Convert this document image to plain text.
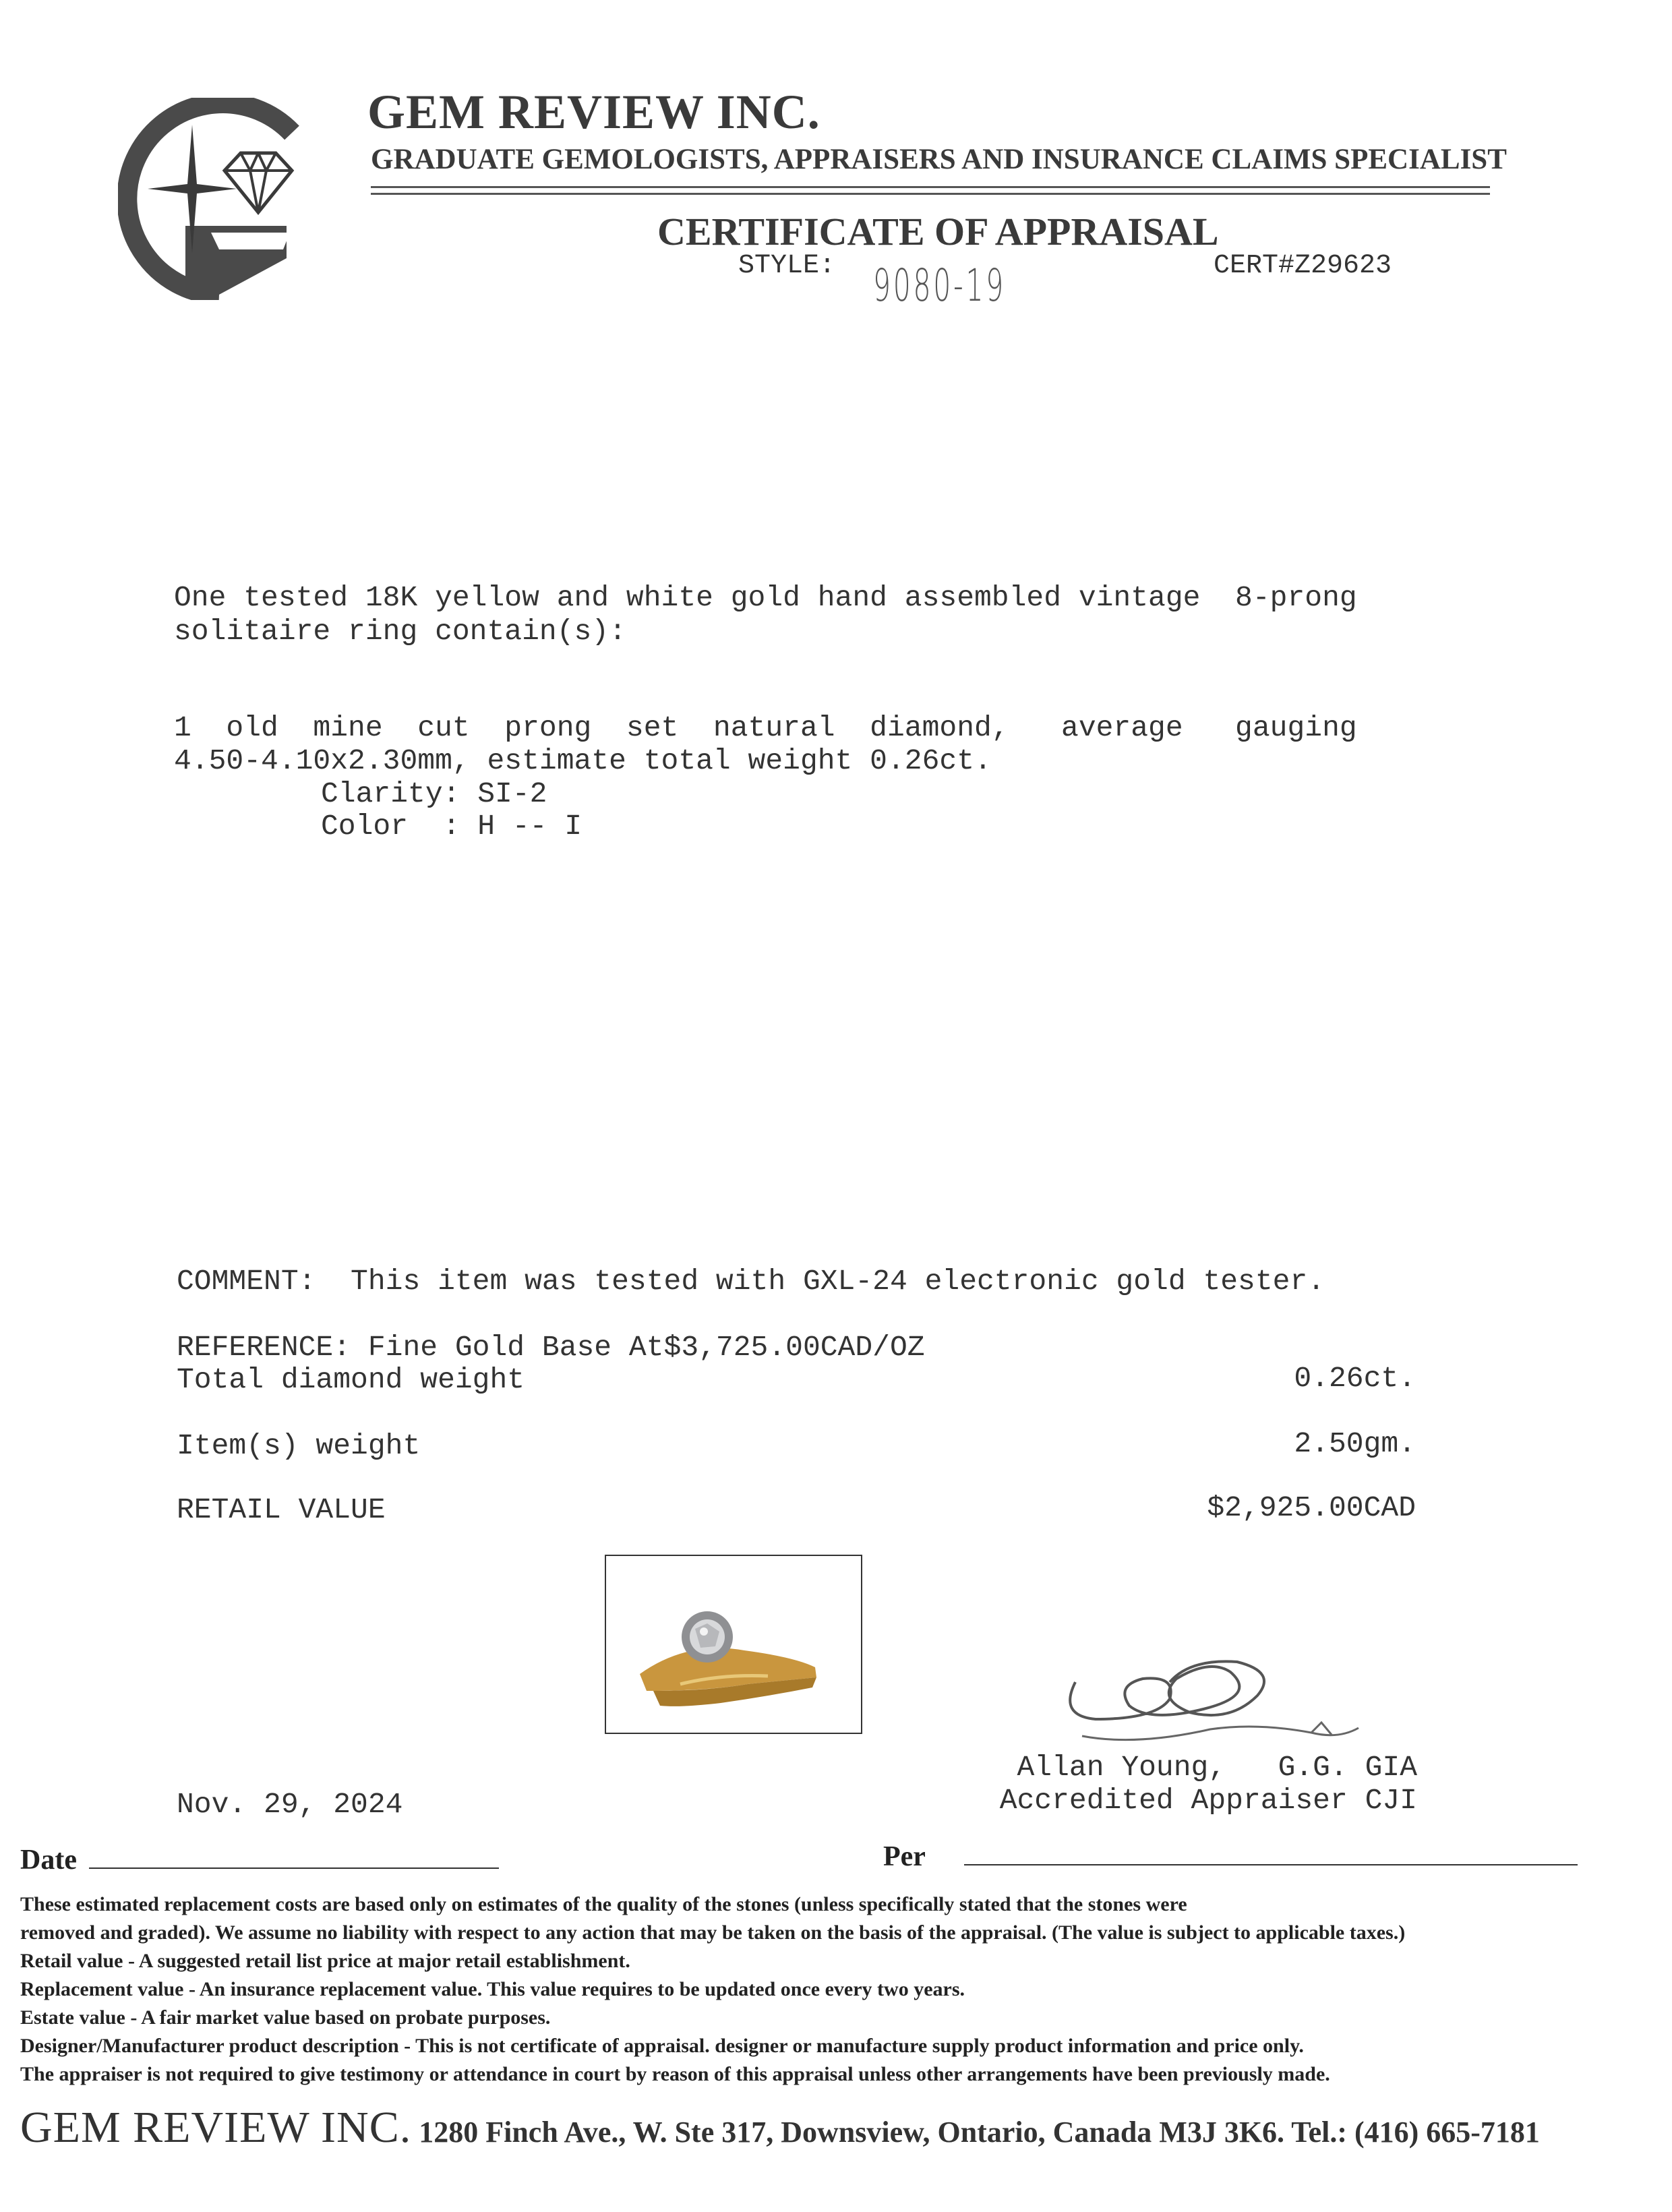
GEM REVIEW INC.
GRADUATE GEMOLOGISTS, APPRAISERS AND INSURANCE CLAIMS SPECIALIST
CERTIFICATE OF APPRAISAL
STYLE: 9080-19	CERT#Z29623
One tested 18K yellow and white gold hand assembled vintage  8-prong
solitaire ring contain(s):
1  old  mine  cut  prong  set  natural  diamond,   average   gauging
4.50-4.10x2.30mm, estimate total weight 0.26ct.
Clarity: SI-2
Color  : H -- I
COMMENT:  This item was tested with GXL-24 electronic gold tester.
REFERENCE: Fine Gold Base At$3,725.00CAD/OZ
Total diamond weight	0.26ct.
Item(s) weight	2.50gm.
RETAIL VALUE	$2,925.00CAD
Allan Young,   G.G. GIA
Accredited Appraiser CJI
Nov. 29, 2024
Date	Per
These estimated replacement costs are based only on estimates of the quality of the stones (unless specifically stated that the stones were
removed and graded). We assume no liability with respect to any action that may be taken on the basis of the appraisal. (The value is subject to applicable taxes.)
Retail value - A suggested retail list price at major retail establishment.
Replacement value - An insurance replacement value. This value requires to be updated once every two years.
Estate value - A fair market value based on probate purposes.
Designer/Manufacturer product description - This is not certificate of appraisal. designer or manufacture supply product information and price only.
The appraiser is not required to give testimony or attendance in court by reason of this appraisal unless other arrangements have been previously made.
GEM REVIEW INC. 1280 Finch Ave., W. Ste 317, Downsview, Ontario, Canada M3J 3K6. Tel.: (416) 665-7181
